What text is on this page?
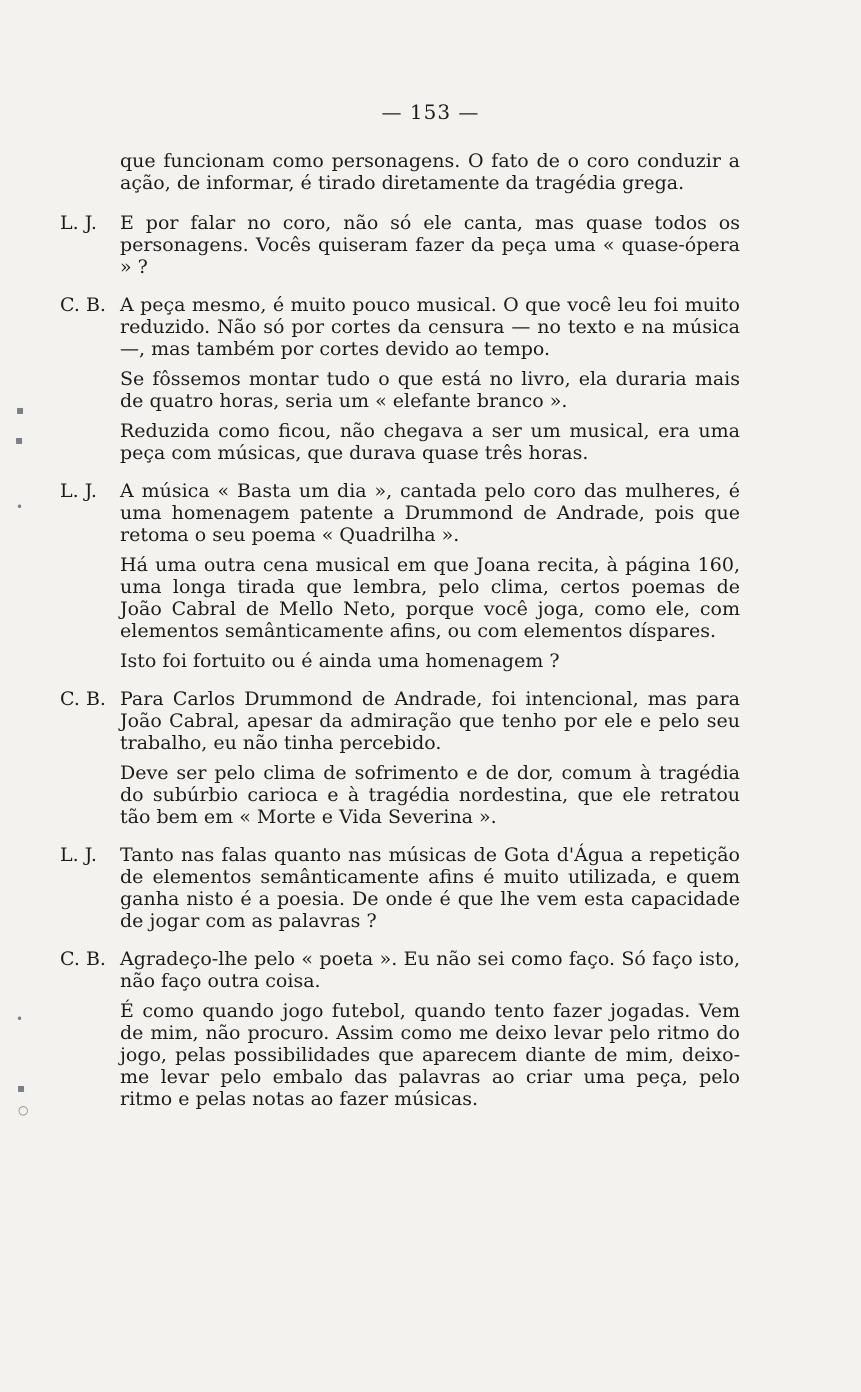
— 153 —

que funcionam como personagens. O fato de o coro conduzir a ação, de informar, é tirado diretamente da tragédia grega.

L. J.	E por falar no coro, não só ele canta, mas quase todos os personagens. Vocês quiseram fazer da peça uma « quase-ópera » ?

C. B. A peça mesmo, é muito pouco musical. O que você leu foi muito reduzido. Não só por cortes da censura — no texto e na música —, mas também por cortes devido ao tempo.

Se fôssemos montar tudo o que está no livro, ela duraria mais de quatro horas, seria um « elefante branco ».

Reduzida como ficou, não chegava a ser um musical, era uma peça com músicas, que durava quase três horas.

L. J.	A música « Basta um dia », cantada pelo coro das mulheres, é uma homenagem patente a Drummond de Andrade, pois que retoma o seu poema « Quadrilha ».

Há uma outra cena musical em que Joana recita, à página 160, uma longa tirada que lembra, pelo clima, certos poemas de João Cabral de Mello Neto, porque você joga, como ele, com elementos semânticamente afins, ou com elementos díspares.

Isto foi fortuito ou é ainda uma homenagem ?

C. B. Para Carlos Drummond de Andrade, foi intencional, mas para João Cabral, apesar da admiração que tenho por ele e pelo seu trabalho, eu não tinha percebido.

Deve ser pelo clima de sofrimento e de dor, comum à tragédia do subúrbio carioca e à tragédia nordestina, que ele retratou tão bem em « Morte e Vida Severina ».

L. J.	Tanto nas falas quanto nas músicas de Gota d'Água a repetição de elementos semânticamente afins é muito utilizada, e quem ganha nisto é a poesia. De onde é que lhe vem esta capacidade de jogar com as palavras ?

C. B. Agradeço-lhe pelo « poeta ». Eu não sei como faço. Só faço isto, não faço outra coisa.

É como quando jogo futebol, quando tento fazer jogadas. Vem de mim, não procuro. Assim como me deixo levar pelo ritmo do jogo, pelas possibilidades que aparecem diante de mim, deixo-me levar pelo embalo das palavras ao criar uma peça, pelo ritmo e pelas notas ao fazer músicas.

▪
▪
•
•
▪
○
